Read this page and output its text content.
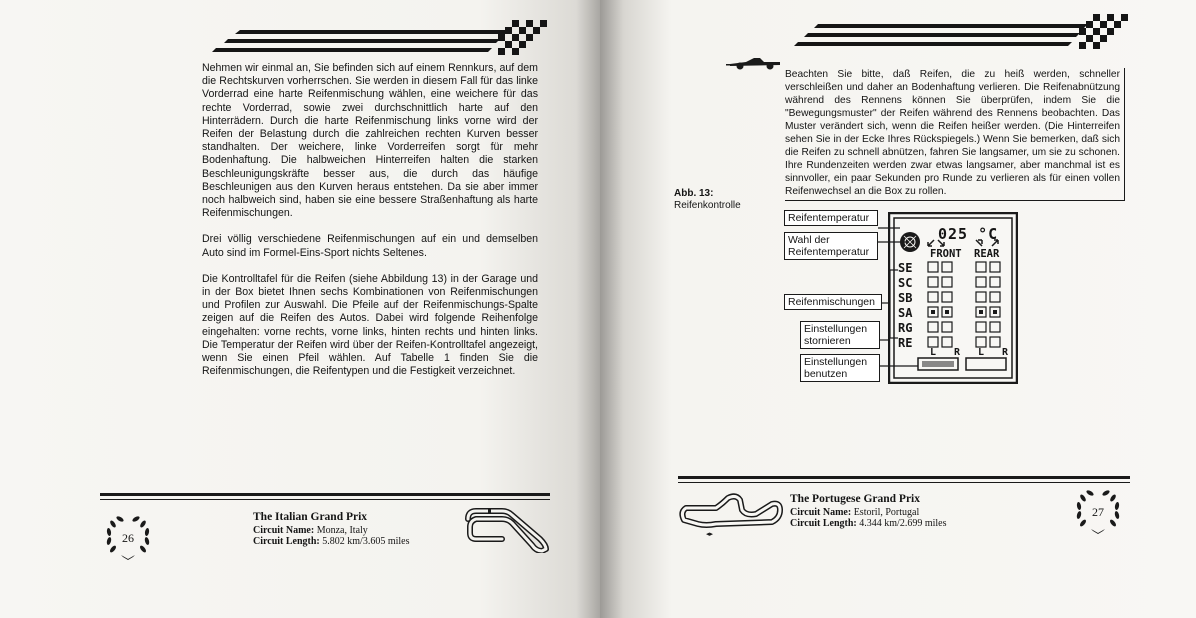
Nehmen wir einmal an, Sie befinden sich auf einem Rennkurs, auf dem die Rechtskurven vorherrschen. Sie werden in diesem Fall für das linke Vorderrad eine harte Reifenmischung wählen, eine weichere für das rechte Vorderrad, sowie zwei durchschnittlich harte auf den Hinterrädern. Durch die harte Reifenmischung links vorne wird der Reifen der Belastung durch die zahlreichen rechten Kurven besser standhalten. Der weichere, linke Vorderreifen sorgt für mehr Bodenhaftung. Die halbweichen Hinterreifen halten die starken Beschleunigungskräfte besser aus, die durch das häufige Beschleunigen aus den Kurven heraus entstehen. Da sie aber immer noch halbweich sind, haben sie eine bessere Straßenhaftung als harte Reifenmischungen.

Drei völlig verschiedene Reifenmischungen auf ein und demselben Auto sind im Formel-Eins-Sport nichts Seltenes.

Die Kontrolltafel für die Reifen (siehe Abbildung 13) in der Garage und in der Box bietet Ihnen sechs Kombinationen von Reifenmischungen und Profilen zur Auswahl. Die Pfeile auf der Reifenmischungs-Spalte zeigen auf die Reifen des Autos. Dabei wird folgende Reihenfolge eingehalten: vorne rechts, vorne links, hinten rechts und hinten links. Die Temperatur der Reifen wird über der Reifen-Kontrolltafel angezeigt, wenn Sie einen Pfeil wählen. Auf Tabelle 1 finden Sie die Reifenmischungen, die Reifentypen und die Festigkeit verzeichnet.

26
The Italian Grand Prix
Circuit Name: Monza, Italy
Circuit Length: 5.802 km/3.605 miles
Beachten Sie bitte, daß Reifen, die zu heiß werden, schneller verschleißen und daher an Bodenhaftung verlieren. Die Reifenabnützung während des Rennens können Sie überprüfen, indem Sie die "Bewegungsmuster" der Reifen während des Rennens beobachten. Das Muster verändert sich, wenn die Reifen heißer werden. (Die Hinterreifen sehen Sie in der Ecke Ihres Rückspiegels.) Wenn Sie bemerken, daß sich die Reifen zu schnell abnützen, fahren Sie langsamer, um sie zu schonen. Ihre Rundenzeiten werden zwar etwas langsamer, aber manchmal ist es sinnvoller, ein paar Sekunden pro Runde zu verlieren als für einen vollen Reifenwechsel an die Box zu rollen.
Abb. 13:
Reifenkontrolle
025 °C
FRONT REAR
SE
SC
SB
SA
RG
RE
L R L R
Reifentemperatur
Wahl der
Reifentemperatur
Reifenmischungen
Einstellungen
stornieren
Einstellungen
benutzen
◂▸
The Portugese Grand Prix
Circuit Name: Estoril, Portugal
Circuit Length: 4.344 km/2.699 miles
27
